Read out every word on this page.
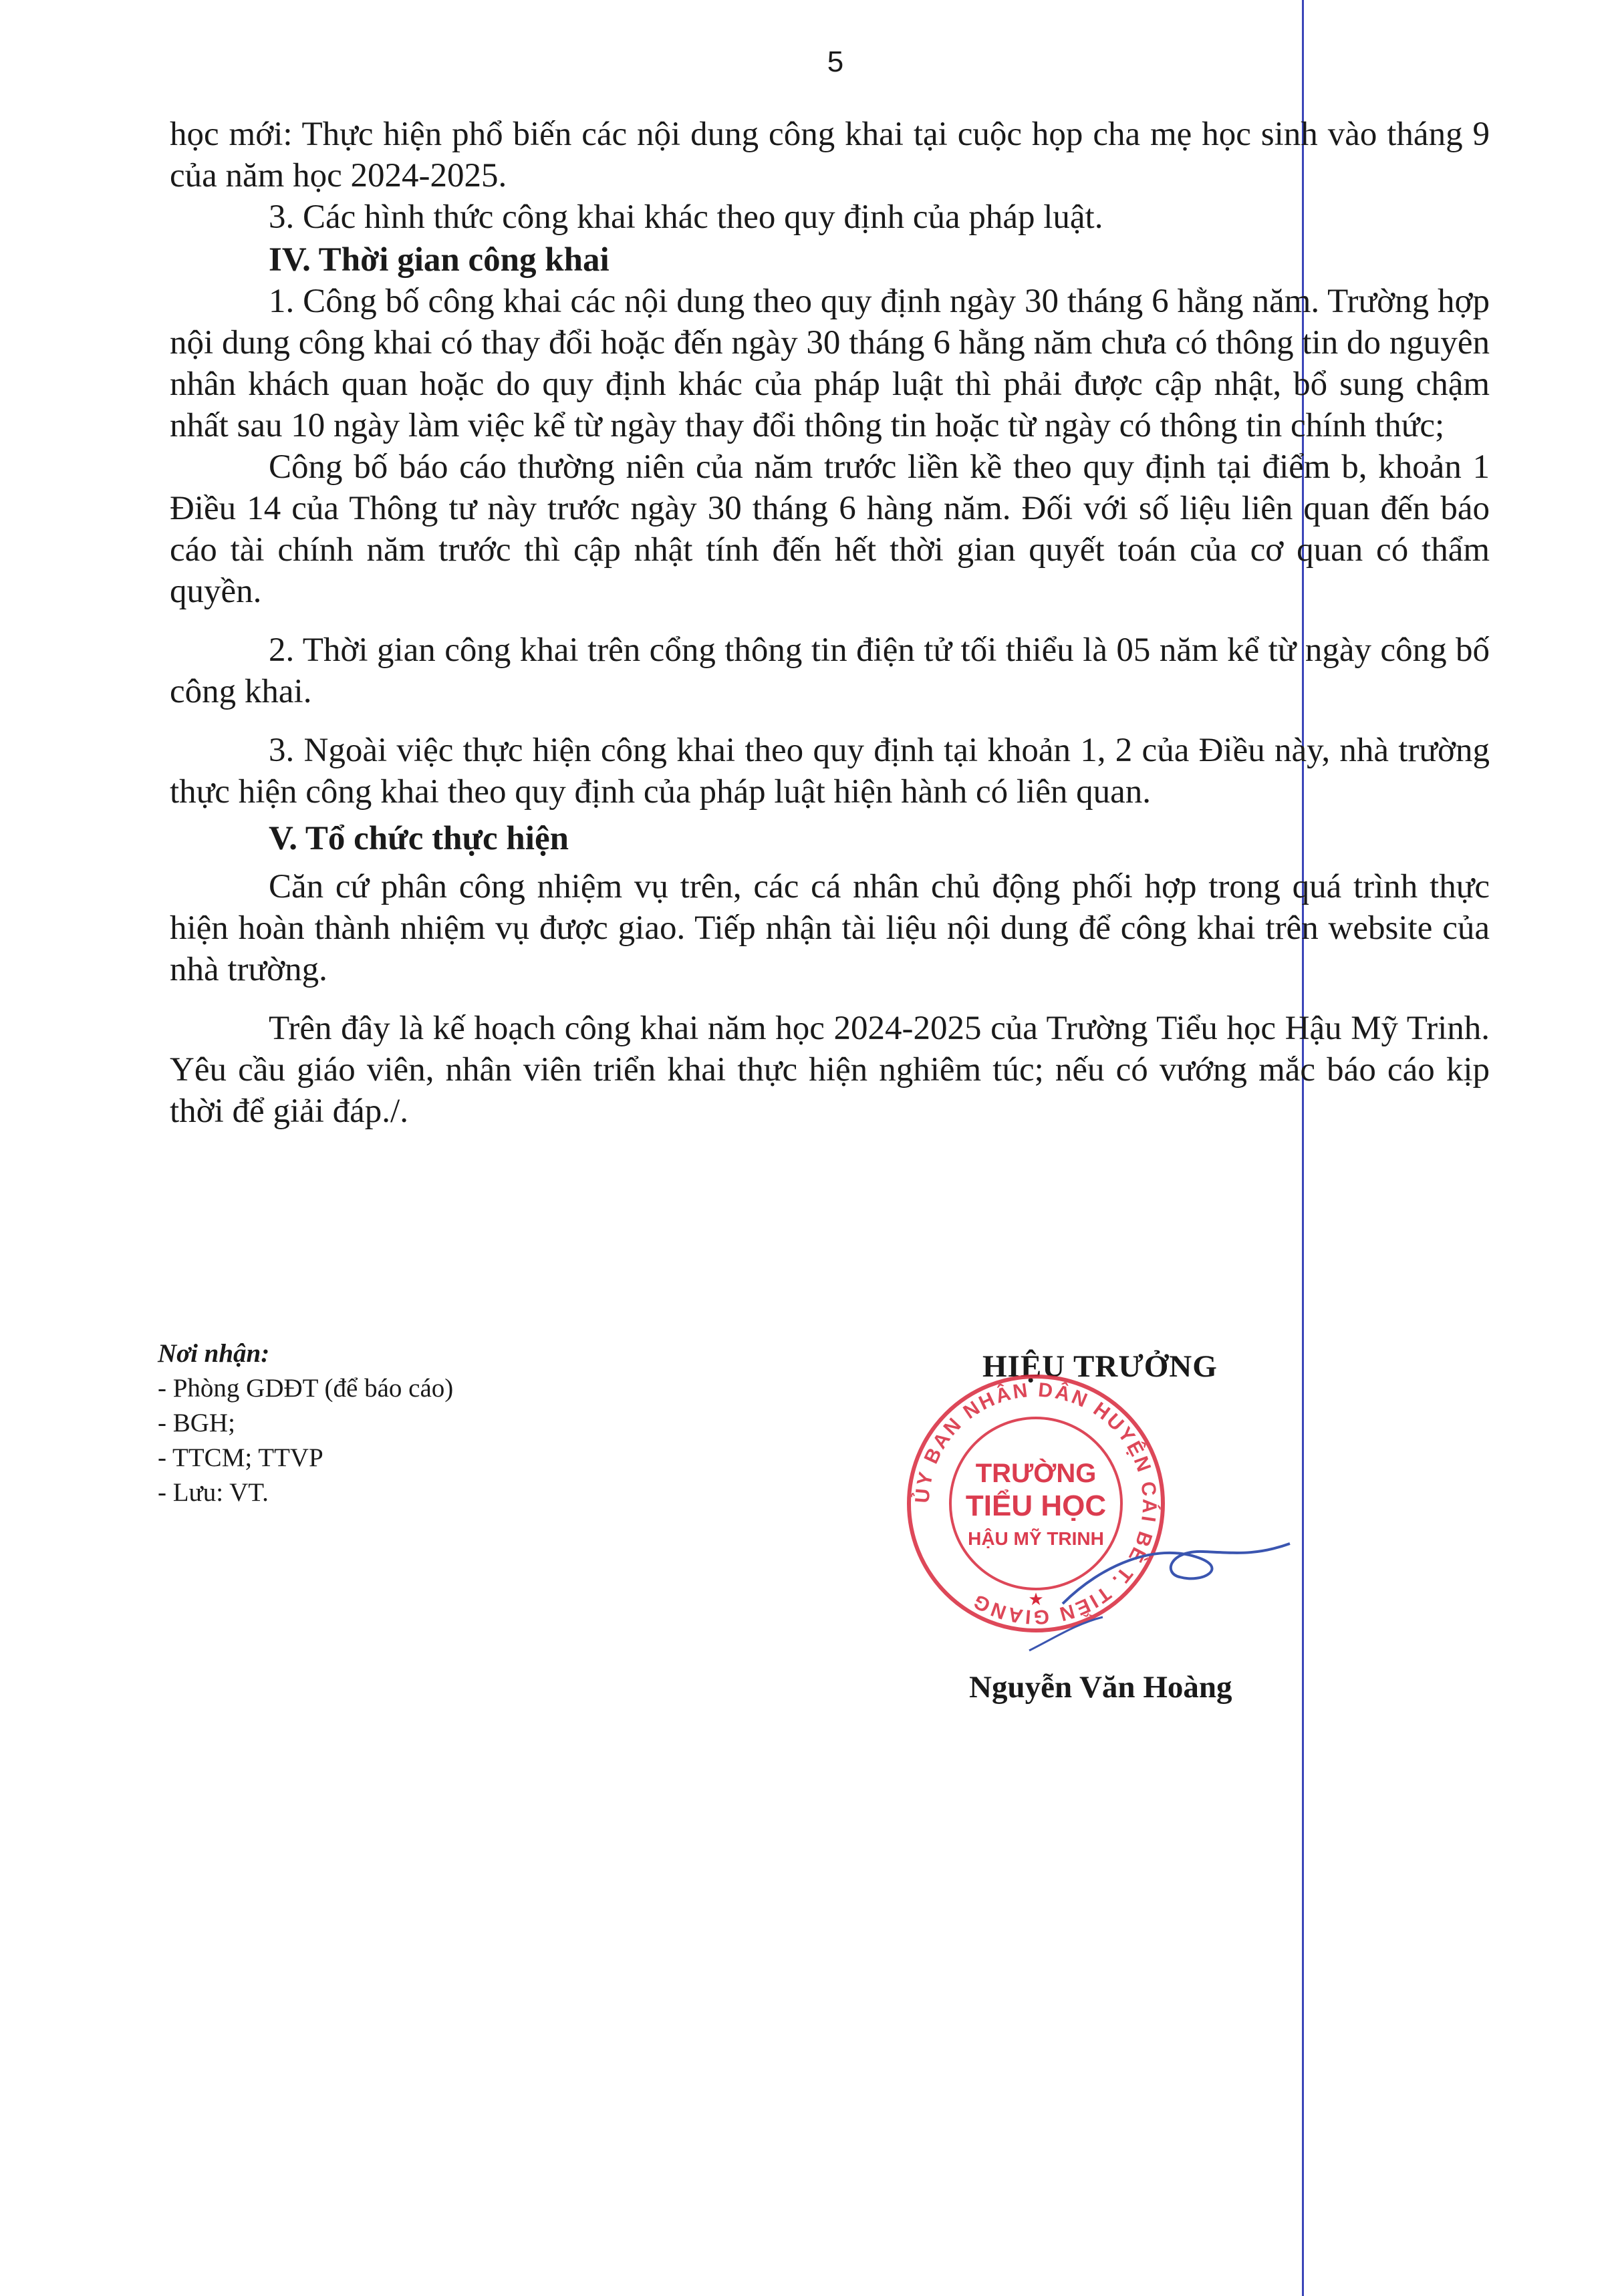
5

học mới: Thực hiện phổ biến các nội dung công khai tại cuộc họp cha mẹ học sinh vào tháng 9 của năm học 2024-2025.

3. Các hình thức công khai khác theo quy định của pháp luật.

IV. Thời gian công khai

1. Công bố công khai các nội dung theo quy định ngày 30 tháng 6 hằng năm. Trường hợp nội dung công khai có thay đổi hoặc đến ngày 30 tháng 6 hằng năm chưa có thông tin do nguyên nhân khách quan hoặc do quy định khác của pháp luật thì phải được cập nhật, bổ sung chậm nhất sau 10 ngày làm việc kể từ ngày thay đổi thông tin hoặc từ ngày có thông tin chính thức;

Công bố báo cáo thường niên của năm trước liền kề theo quy định tại điểm b, khoản 1 Điều 14 của Thông tư này trước ngày 30 tháng 6 hàng năm. Đối với số liệu liên quan đến báo cáo tài chính năm trước thì cập nhật tính đến hết thời gian quyết toán của cơ quan có thẩm quyền.

2. Thời gian công khai trên cổng thông tin điện tử tối thiểu là 05 năm kể từ ngày công bố công khai.

3. Ngoài việc thực hiện công khai theo quy định tại khoản 1, 2 của Điều này, nhà trường thực hiện công khai theo quy định của pháp luật hiện hành có liên quan.

V. Tổ chức thực hiện

Căn cứ phân công nhiệm vụ trên, các cá nhân chủ động phối hợp trong quá trình thực hiện hoàn thành nhiệm vụ được giao. Tiếp nhận tài liệu nội dung để công khai trên website của nhà trường.

Trên đây là kế hoạch công khai năm học 2024-2025 của Trường Tiểu học Hậu Mỹ Trinh. Yêu cầu giáo viên, nhân viên triển khai thực hiện nghiêm túc; nếu có vướng mắc báo cáo kịp thời để giải đáp./.

Nơi nhận:
- Phòng GDĐT (để báo cáo)
- BGH;
- TTCM; TTVP
- Lưu: VT.
HIỆU TRƯỞNG
ỦY BAN NHÂN DÂN HUYỆN CÁI BÈ T. TIỀN GIANG
TRƯỜNG
TIỂU HỌC
HẬU MỸ TRINH
★
Nguyễn Văn Hoàng
